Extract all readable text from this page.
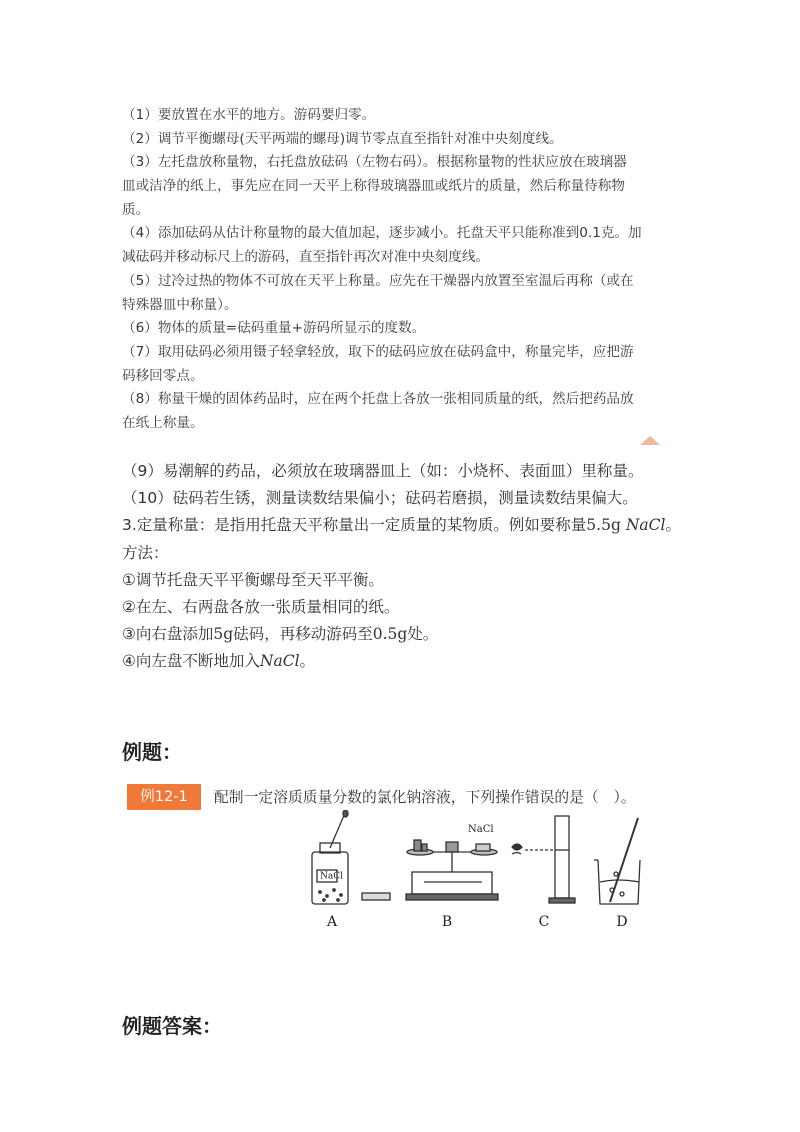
（1）要放置在水平的地方。游码要归零。
（2）调节平衡螺母(天平两端的螺母)调节零点直至指针对准中央刻度线。
（3）左托盘放称量物，右托盘放砝码（左物右码）。根据称量物的性状应放在玻璃器
皿或洁净的纸上，事先应在同一天平上称得玻璃器皿或纸片的质量，然后称量待称物
质。
（4）添加砝码从估计称量物的最大值加起，逐步减小。托盘天平只能称准到0.1克。加
减砝码并移动标尺上的游码，直至指针再次对准中央刻度线。
（5）过冷过热的物体不可放在天平上称量。应先在干燥器内放置至室温后再称（或在
特殊器皿中称量）。
（6）物体的质量=砝码重量+游码所显示的度数。
（7）取用砝码必须用镊子轻拿轻放，取下的砝码应放在砝码盒中，称量完毕，应把游
码移回零点。
（8）称量干燥的固体药品时，应在两个托盘上各放一张相同质量的纸，然后把药品放
在纸上称量。
（9）易潮解的药品，必须放在玻璃器皿上（如：小烧杯、表面皿）里称量。
（10）砝码若生锈，测量读数结果偏小；砝码若磨损，测量读数结果偏大。
3.定量称量：是指用托盘天平称量出一定质量的某物质。例如要称量5.5g NaCl。
方法：
①调节托盘天平平衡螺母至天平平衡。
②在左、右两盘各放一张质量相同的纸。
③向右盘添加5g砝码，再移动游码至0.5g处。
④向左盘不断地加入NaCl。
例题：
例12-1	配制一定溶质质量分数的氯化钠溶液，下列操作错误的是（　）。
NaCl
NaCl
A	B	C	D
例题答案：
